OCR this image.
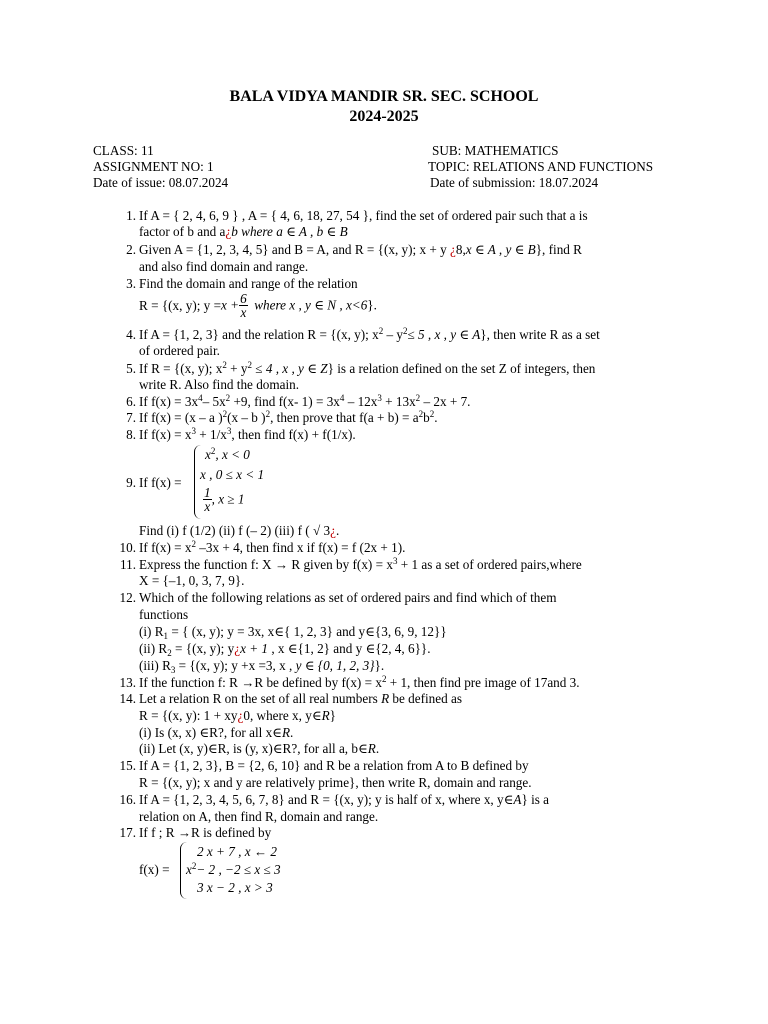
BALA VIDYA MANDIR SR. SEC. SCHOOL
2024-2025
CLASS: 11	SUB: MATHEMATICS
ASSIGNMENT NO: 1	TOPIC: RELATIONS AND FUNCTIONS
Date of issue: 08.07.2024	Date of submission: 18.07.2024
1. If A = { 2, 4, 6, 9 } , A = { 4, 6, 18, 27, 54 }, find the set of ordered pair such that a is
factor of b and a¿b where a ∈ A , b ∈ B
2. Given A = {1, 2, 3, 4, 5} and B = A, and R = {(x, y); x + y ¿8,x ∈ A , y ∈ B}, find R
and also find domain and range.
3. Find the domain and range of the relation
R = {(x, y); $y =x + \frac{6}{x}$ where x , y ∈ N , x<6}.
4. If A = {1, 2, 3} and the relation R = {(x, y); $x^2 - y^2\le 5$ , x , y ∈ A}, then write R as a set
of ordered pair.
5. If R = {(x, y); $x^2 + y^2 \le 4$ , x , y ∈ Z} is a relation defined on the set Z of integers, then
write R. Also find the domain.
6. If $f(x) = 3x^4-$ $5x^2 +9$, find f(x- $1) = 3x^4 - 12x^3 + 13x^2 - 2x + 7$.
7. If f(x) = (x – a )$^2$(x – b )$^2$, then prove that $f(a + b) = a^2b^2$.
8. If $f(x) = x^3 + 1/x^3$, then find f(x) + f(1/x).
9. If f(x) =
$x^2$, x < 0
x , 0 ≤ x < 1
$\frac{1}{x}$ , x ≥ 1
Find (i) f (1/2) (ii) f (– 2) (iii) f ( √ 3¿.
10. If $f(x) = x^2$ –3x + 4, then find x if f(x) = f (2x + 1).
11. Express the function f: X → R given by $f(x) = x^3 + 1$ as a set of ordered pairs,where
X = {–1, 0, 3, 7, 9}.
12. Which of the following relations as set of ordered pairs and find which of them
functions
(i) $R_1$ = { (x, y); y = 3x, x∈{ 1, 2, 3} and y∈{3, 6, 9, 12}}
(ii) $R_2 = \{(x$, y); y¿x + 1 , x ∈{1, 2} and y ∈{2, 4, 6}}.
(iii) $R_3 = \{(x$, y); y +x =3, x , y ∈ {0, 1, 2, 3}}.
13. If the function f: R →R be defined by $f(x) = x^2 + 1$, then find pre image of 17and 3.
14. Let a relation R on the set of all real numbers R be defined as
R = {(x, y): 1 + xy¿0, where x, y∈R}
(i) Is (x, x) ∈R?, for all x∈R.
(ii) Let (x, y)∈R, is (y, x)∈R?, for all a, b∈R.
15. If A = {1, 2, 3}, B = {2, 6, 10} and R be a relation from A to B defined by
R = {(x, y); x and y are relatively prime}, then write R, domain and range.
16. If A = {1, 2, 3, 4, 5, 6, 7, 8} and R = {(x, y); y is half of x, where x, y∈A} is a
relation on A, then find R, domain and range.
17. If f ; R →R is defined by
f(x) =
2 x + 7 , x ← 2
$x^2- 2$ , −2 ≤ x ≤ 3
3 x − 2 , x > 3
